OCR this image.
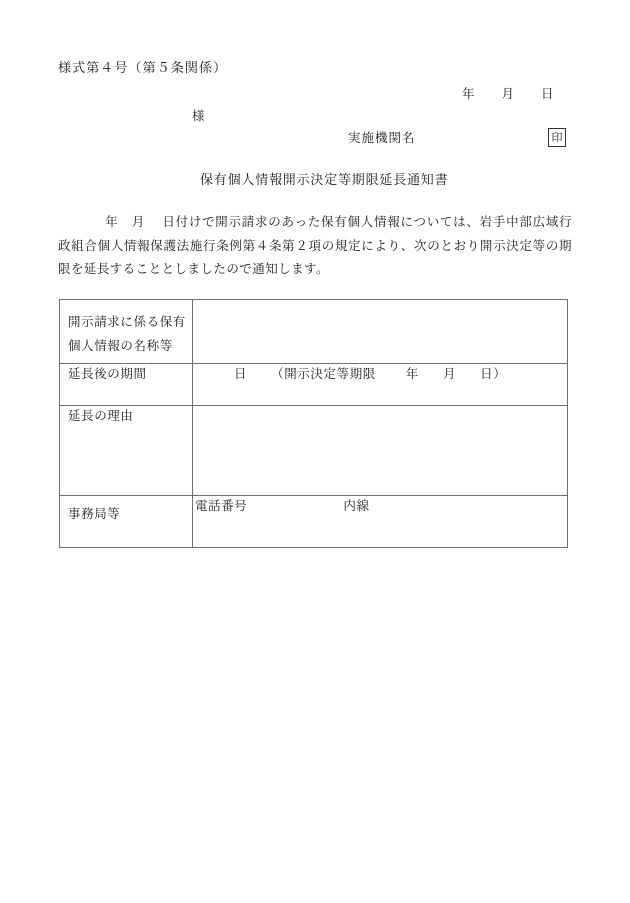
様式第４号（第５条関係）
年 月 日
様
実施機関名	印
保有個人情報開示決定等期限延長通知書
年 月 日付けで開示請求のあった保有個人情報については、岩手中部広域行政組合個人情報保護法施行条例第４条第２項の規定により、次のとおり開示決定等の期限を延長することとしましたので通知します。
開示請求に係る保有
個人情報の名称等	

延長後の期間	日 （開示決定等期限 年 月 日）

延長の理由	

事務局等	電話番号 内線
